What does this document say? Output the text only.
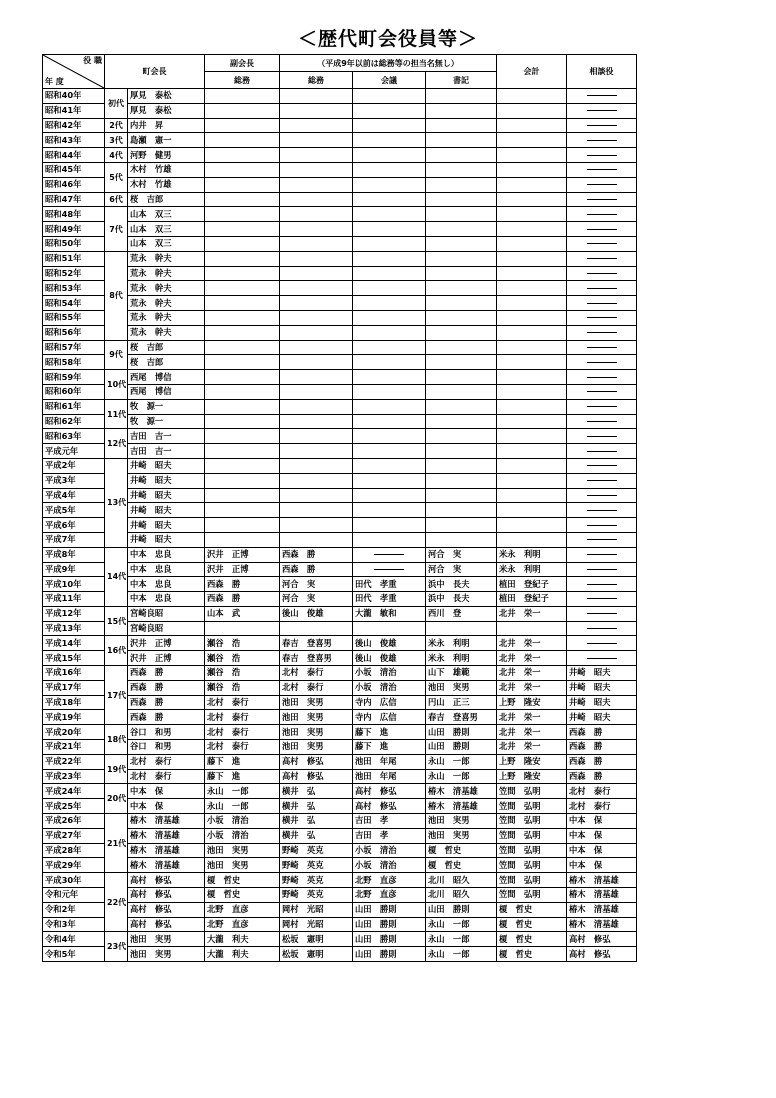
＜歴代町会役員等＞
役 職
年 度	町会長		副会長	（平成9年以前は総務等の担当名無し）			会計	相談役
			総務	総務	会議	書記		
昭和40年	初代	厚見　泰松						
昭和41年		厚見　泰松						
昭和42年	2代	内井　昇						
昭和43年	3代	島瀬　憲一						
昭和44年	4代	河野　健男						
昭和45年	5代	木村　竹雄						
昭和46年		木村　竹雄						
昭和47年	6代	桜　吉郎						
昭和48年	7代	山本　双三						
昭和49年		山本　双三						
昭和50年		山本　双三						
昭和51年	8代	荒永　幹夫						
昭和52年		荒永　幹夫						
昭和53年		荒永　幹夫						
昭和54年		荒永　幹夫						
昭和55年		荒永　幹夫						
昭和56年		荒永　幹夫						
昭和57年	9代	桜　吉郎						
昭和58年		桜　吉郎						
昭和59年	10代	西尾　博信						
昭和60年		西尾　博信						
昭和61年	11代	牧　源一						
昭和62年		牧　源一						
昭和63年	12代	吉田　吉一						
平成元年		吉田　吉一						
平成2年	13代	井崎　昭夫						
平成3年		井崎　昭夫						
平成4年		井崎　昭夫						
平成5年		井崎　昭夫						
平成6年		井崎　昭夫						
平成7年		井崎　昭夫						
平成8年	14代	中本　忠良	沢井　正博	西森　勝		河合　実	米永　利明	
平成9年		中本　忠良	沢井　正博	西森　勝		河合　実	米永　利明	
平成10年		中本　忠良	西森　勝	河合　実	田代　孝重	浜中　長夫	植田　登紀子	
平成11年		中本　忠良	西森　勝	河合　実	田代　孝重	浜中　長夫	植田　登紀子	
平成12年	15代	宮崎良昭	山本　武	後山　俊雄	大瀧　敏和	西川　登	北井　栄一	
平成13年		宮崎良昭						
平成14年	16代	沢井　正博	瀬谷　浩	春吉　登喜男	後山　俊雄	米永　利明	北井　栄一	
平成15年		沢井　正博	瀬谷　浩	春吉　登喜男	後山　俊雄	米永　利明	北井　栄一	
平成16年	17代	西森　勝	瀬谷　浩	北村　泰行	小坂　清治	山下　雄範	北井　栄一	井崎　昭夫
平成17年		西森　勝	瀬谷　浩	北村　泰行	小坂　清治	池田　実男	北井　栄一	井崎　昭夫
平成18年		西森　勝	北村　泰行	池田　実男	寺内　広信	円山　正三	上野　隆安	井崎　昭夫
平成19年		西森　勝	北村　泰行	池田　実男	寺内　広信	春吉　登喜男	北井　栄一	井崎　昭夫
平成20年	18代	谷口　和男	北村　泰行	池田　実男	藤下　進	山田　勝則	北井　栄一	西森　勝
平成21年		谷口　和男	北村　泰行	池田　実男	藤下　進	山田　勝則	北井　栄一	西森　勝
平成22年	19代	北村　泰行	藤下　進	高村　修弘	池田　年尾	永山　一郎	上野　隆安	西森　勝
平成23年		北村　泰行	藤下　進	高村　修弘	池田　年尾	永山　一郎	上野　隆安	西森　勝
平成24年	20代	中本　保	永山　一郎	横井　弘	高村　修弘	椿木　清基雄	笠間　弘明	北村　泰行
平成25年		中本　保	永山　一郎	横井　弘	高村　修弘	椿木　清基雄	笠間　弘明	北村　泰行
平成26年	21代	椿木　清基雄	小坂　清治	横井　弘	吉田　孝	池田　実男	笠間　弘明	中本　保
平成27年		椿木　清基雄	小坂　清治	横井　弘	吉田　孝	池田　実男	笠間　弘明	中本　保
平成28年		椿木　清基雄	池田　実男	野崎　英克	小坂　清治	榎　哲史	笠間　弘明	中本　保
平成29年		椿木　清基雄	池田　実男	野崎　英克	小坂　清治	榎　哲史	笠間　弘明	中本　保
平成30年	22代	高村　修弘	榎　哲史	野崎　英克	北野　直彦	北川　昭久	笠間　弘明	椿木　清基雄
令和元年		高村　修弘	榎　哲史	野崎　英克	北野　直彦	北川　昭久	笠間　弘明	椿木　清基雄
令和2年		高村　修弘	北野　直彦	岡村　光昭	山田　勝則	山田　勝則	榎　哲史	椿木　清基雄
令和3年		高村　修弘	北野　直彦	岡村　光昭	山田　勝則	永山　一郎	榎　哲史	椿木　清基雄
令和4年	23代	池田　実男	大瀧　利夫	松坂　憲明	山田　勝則	永山　一郎	榎　哲史	高村　修弘
令和5年		池田　実男	大瀧　利夫	松坂　憲明	山田　勝則	永山　一郎	榎　哲史	高村　修弘
